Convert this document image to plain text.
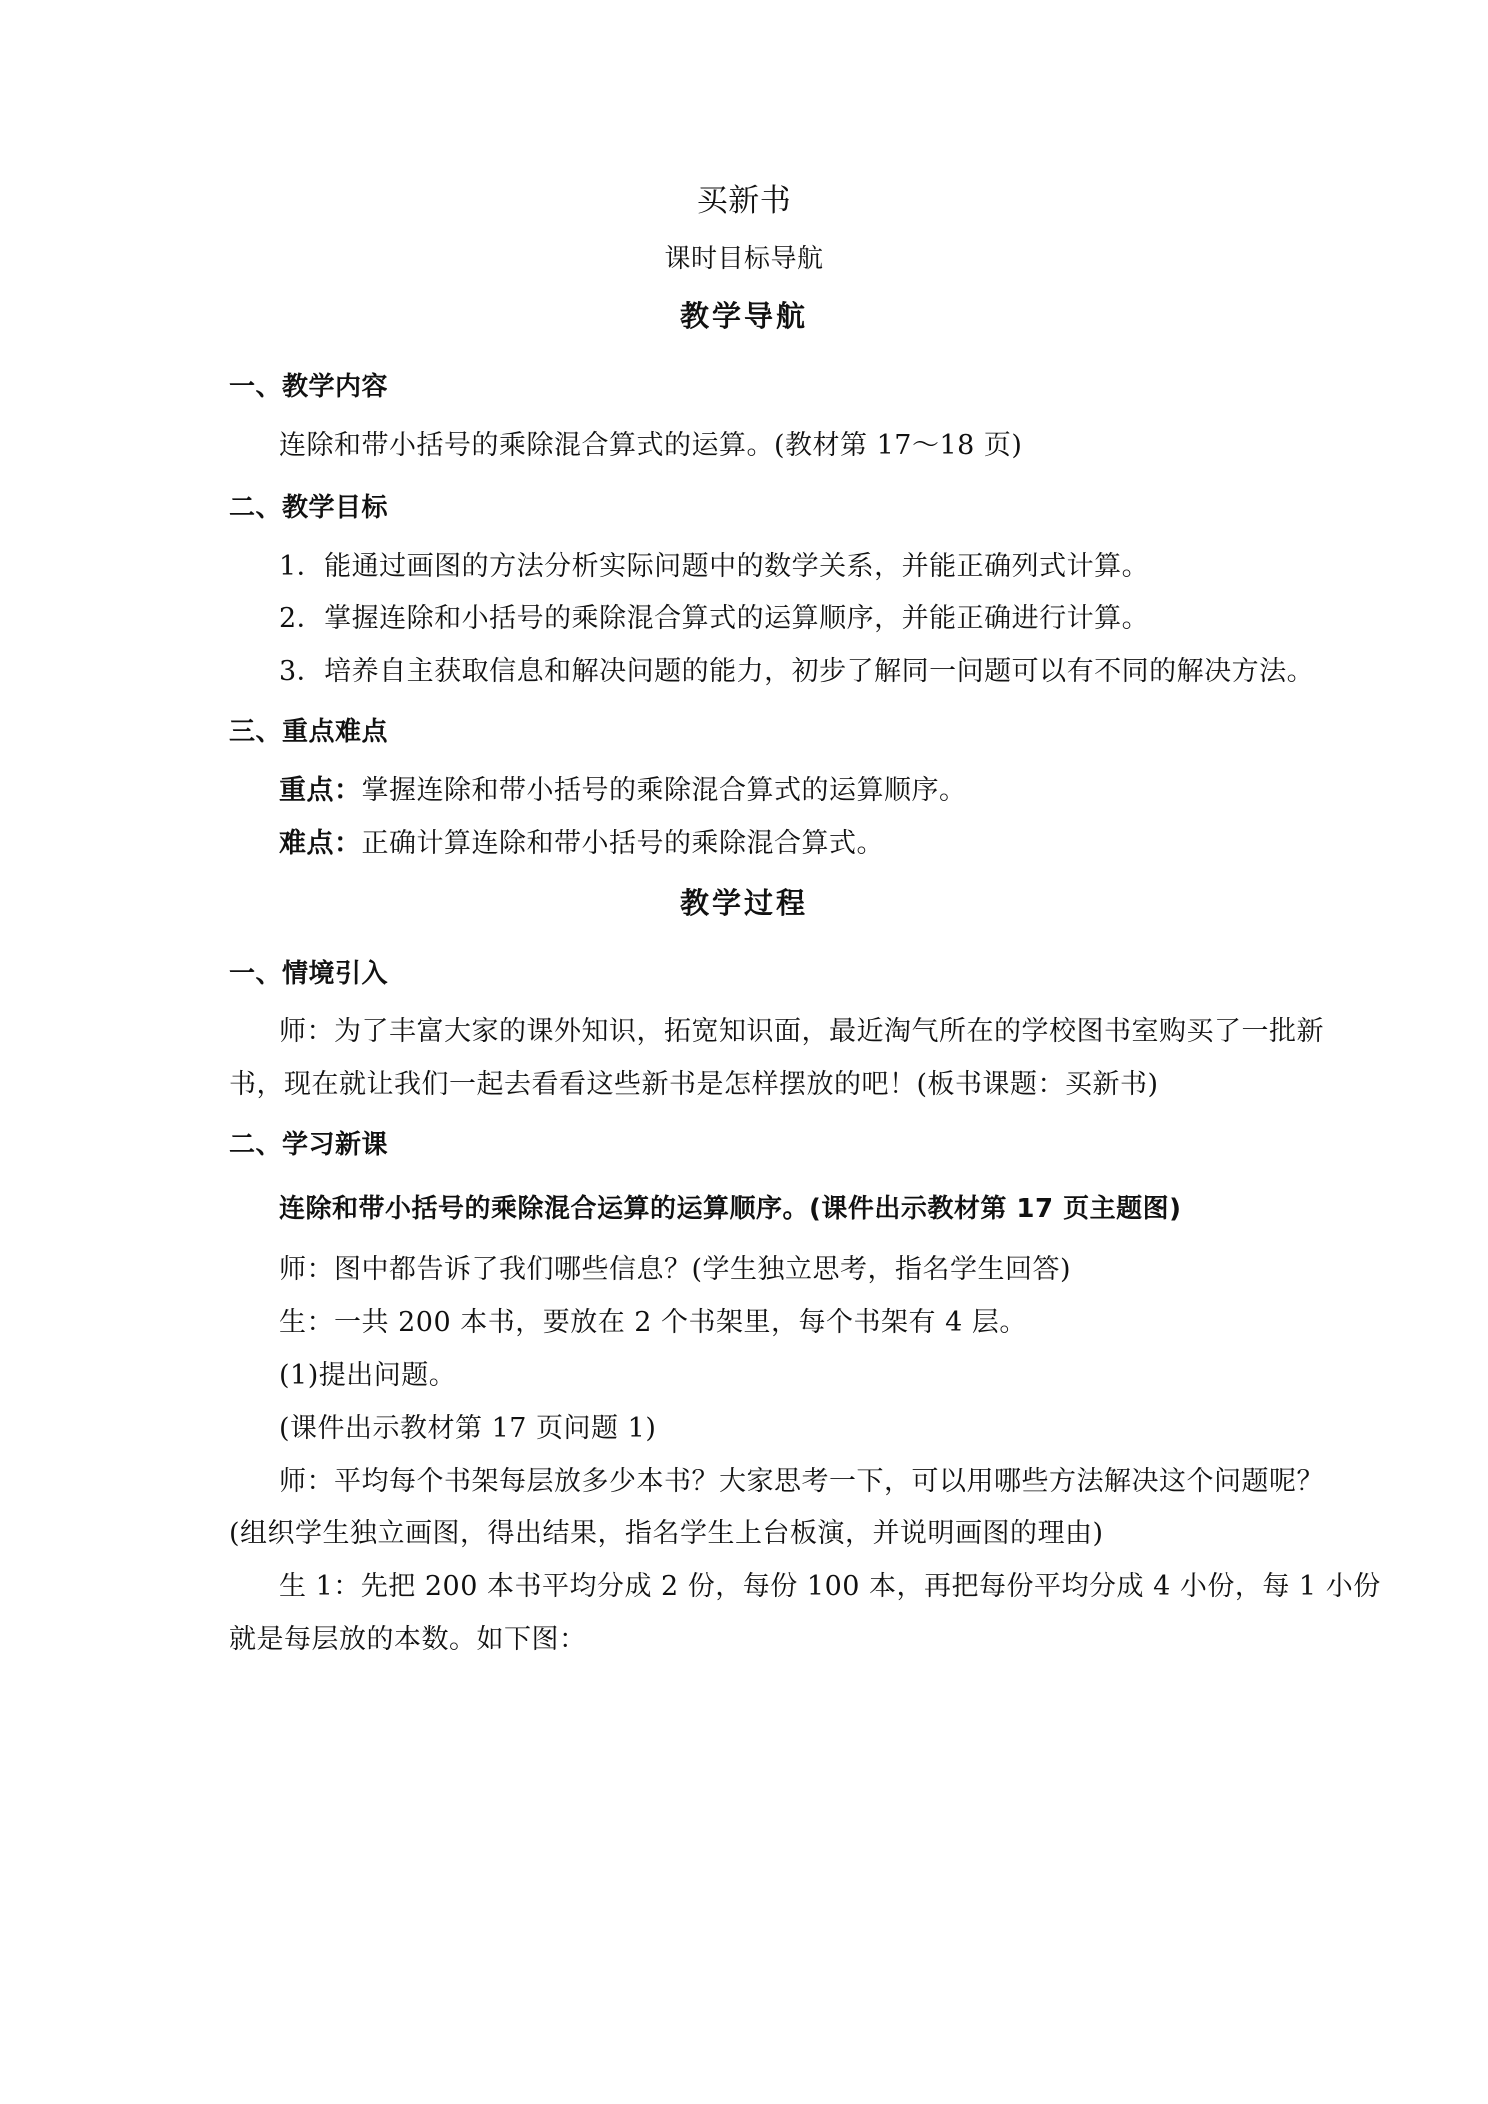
买新书
课时目标导航
教学导航
一、教学内容
连除和带小括号的乘除混合算式的运算。(教材第 17～18 页)
二、教学目标
1．能通过画图的方法分析实际问题中的数学关系，并能正确列式计算。
2．掌握连除和小括号的乘除混合算式的运算顺序，并能正确进行计算。
3．培养自主获取信息和解决问题的能力，初步了解同一问题可以有不同的解决方法。
三、重点难点
重点：掌握连除和带小括号的乘除混合算式的运算顺序。
难点：正确计算连除和带小括号的乘除混合算式。
教学过程
一、情境引入
师：为了丰富大家的课外知识，拓宽知识面，最近淘气所在的学校图书室购买了一批新
书，现在就让我们一起去看看这些新书是怎样摆放的吧！(板书课题：买新书)
二、学习新课
连除和带小括号的乘除混合运算的运算顺序。(课件出示教材第 17 页主题图)
师：图中都告诉了我们哪些信息？(学生独立思考，指名学生回答)
生：一共 200 本书，要放在 2 个书架里，每个书架有 4 层。
(1)提出问题。
(课件出示教材第 17 页问题 1)
师：平均每个书架每层放多少本书？大家思考一下，可以用哪些方法解决这个问题呢？
(组织学生独立画图，得出结果，指名学生上台板演，并说明画图的理由)
生 1：先把 200 本书平均分成 2 份，每份 100 本，再把每份平均分成 4 小份，每 1 小份
就是每层放的本数。如下图：
